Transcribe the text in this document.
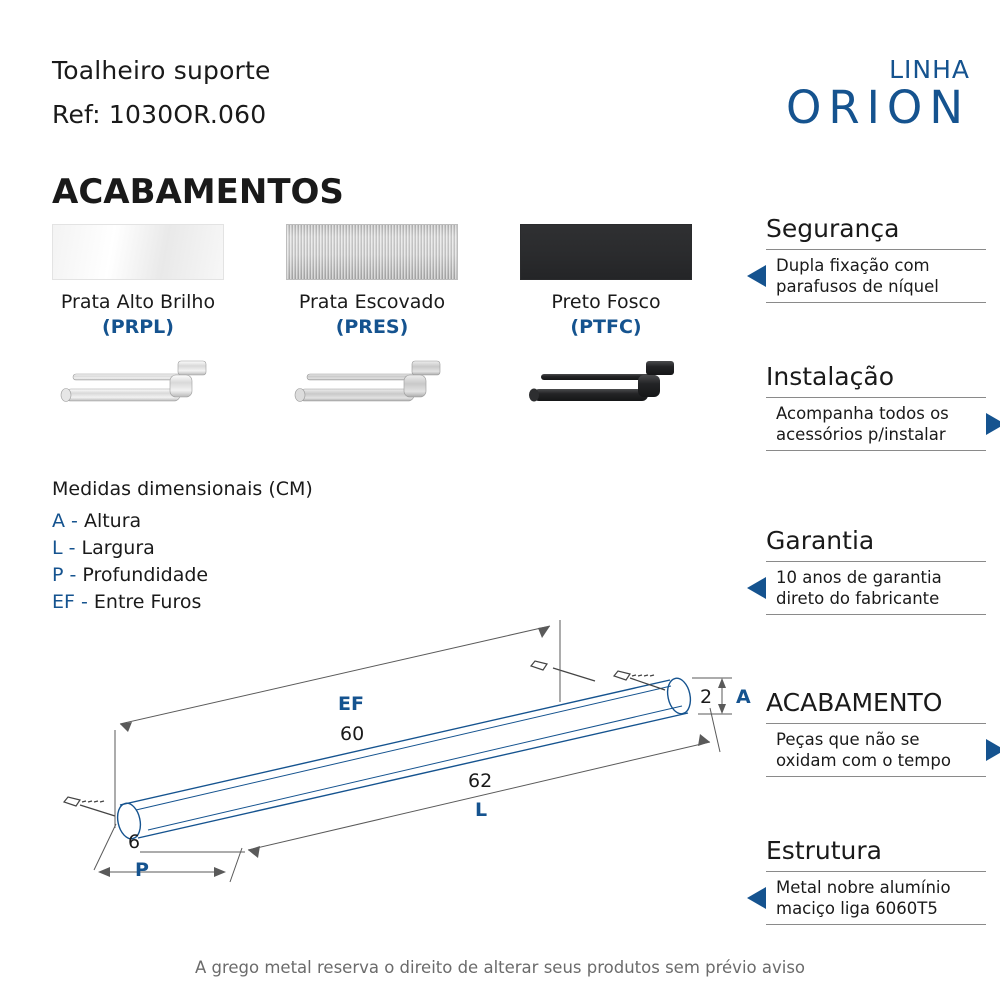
Toalheiro suporte
Ref: 1030OR.060
LINHA
ORION
ACABAMENTOS
Prata Alto Brilho
(PRPL)
Prata Escovado
(PRES)
Preto Fosco
(PTFC)
Medidas dimensionais (CM)
A - Altura
L - Largura
P - Profundidade
EF - Entre Furos
EF
60
62
L
2 A
6
P
Segurança
Dupla fixação com parafusos de níquel
Instalação
Acompanha todos os acessórios p/instalar
Garantia
10 anos de garantia direto do fabricante
ACABAMENTO
Peças que não se oxidam com o tempo
Estrutura
Metal nobre alumínio maciço liga 6060T5
A grego metal reserva o direito de alterar seus produtos sem prévio aviso
